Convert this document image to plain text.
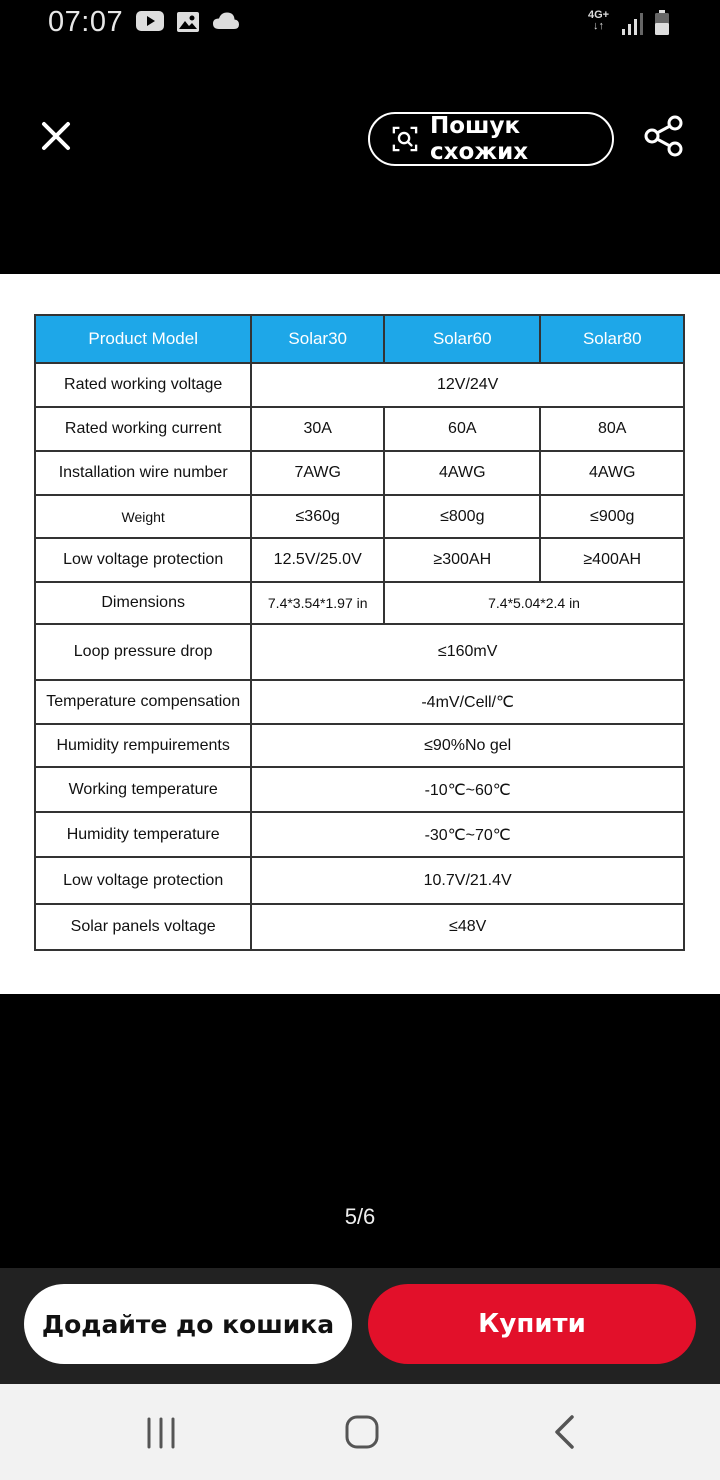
07:07	4G+
↓↑
Пошук схожих
Product Model	Solar30	Solar60	Solar80
Rated working voltage	12V/24V		
Rated working current	30A	60A	80A
Installation wire number	7AWG	4AWG	4AWG
Weight	≤360g	≤800g	≤900g
Low voltage protection	12.5V/25.0V	≥300AH	≥400AH
Dimensions	7.4*3.54*1.97 in	7.4*5.04*2.4 in	
Loop pressure drop	≤160mV		
Temperature compensation	-4mV/Cell/℃		
Humidity rempuirements	≤90%No gel		
Working temperature	-10℃~60℃		
Humidity temperature	-30℃~70℃		
Low voltage protection	10.7V/21.4V		
Solar panels voltage	≤48V		
5/6
Додайте до кошика	Купити
